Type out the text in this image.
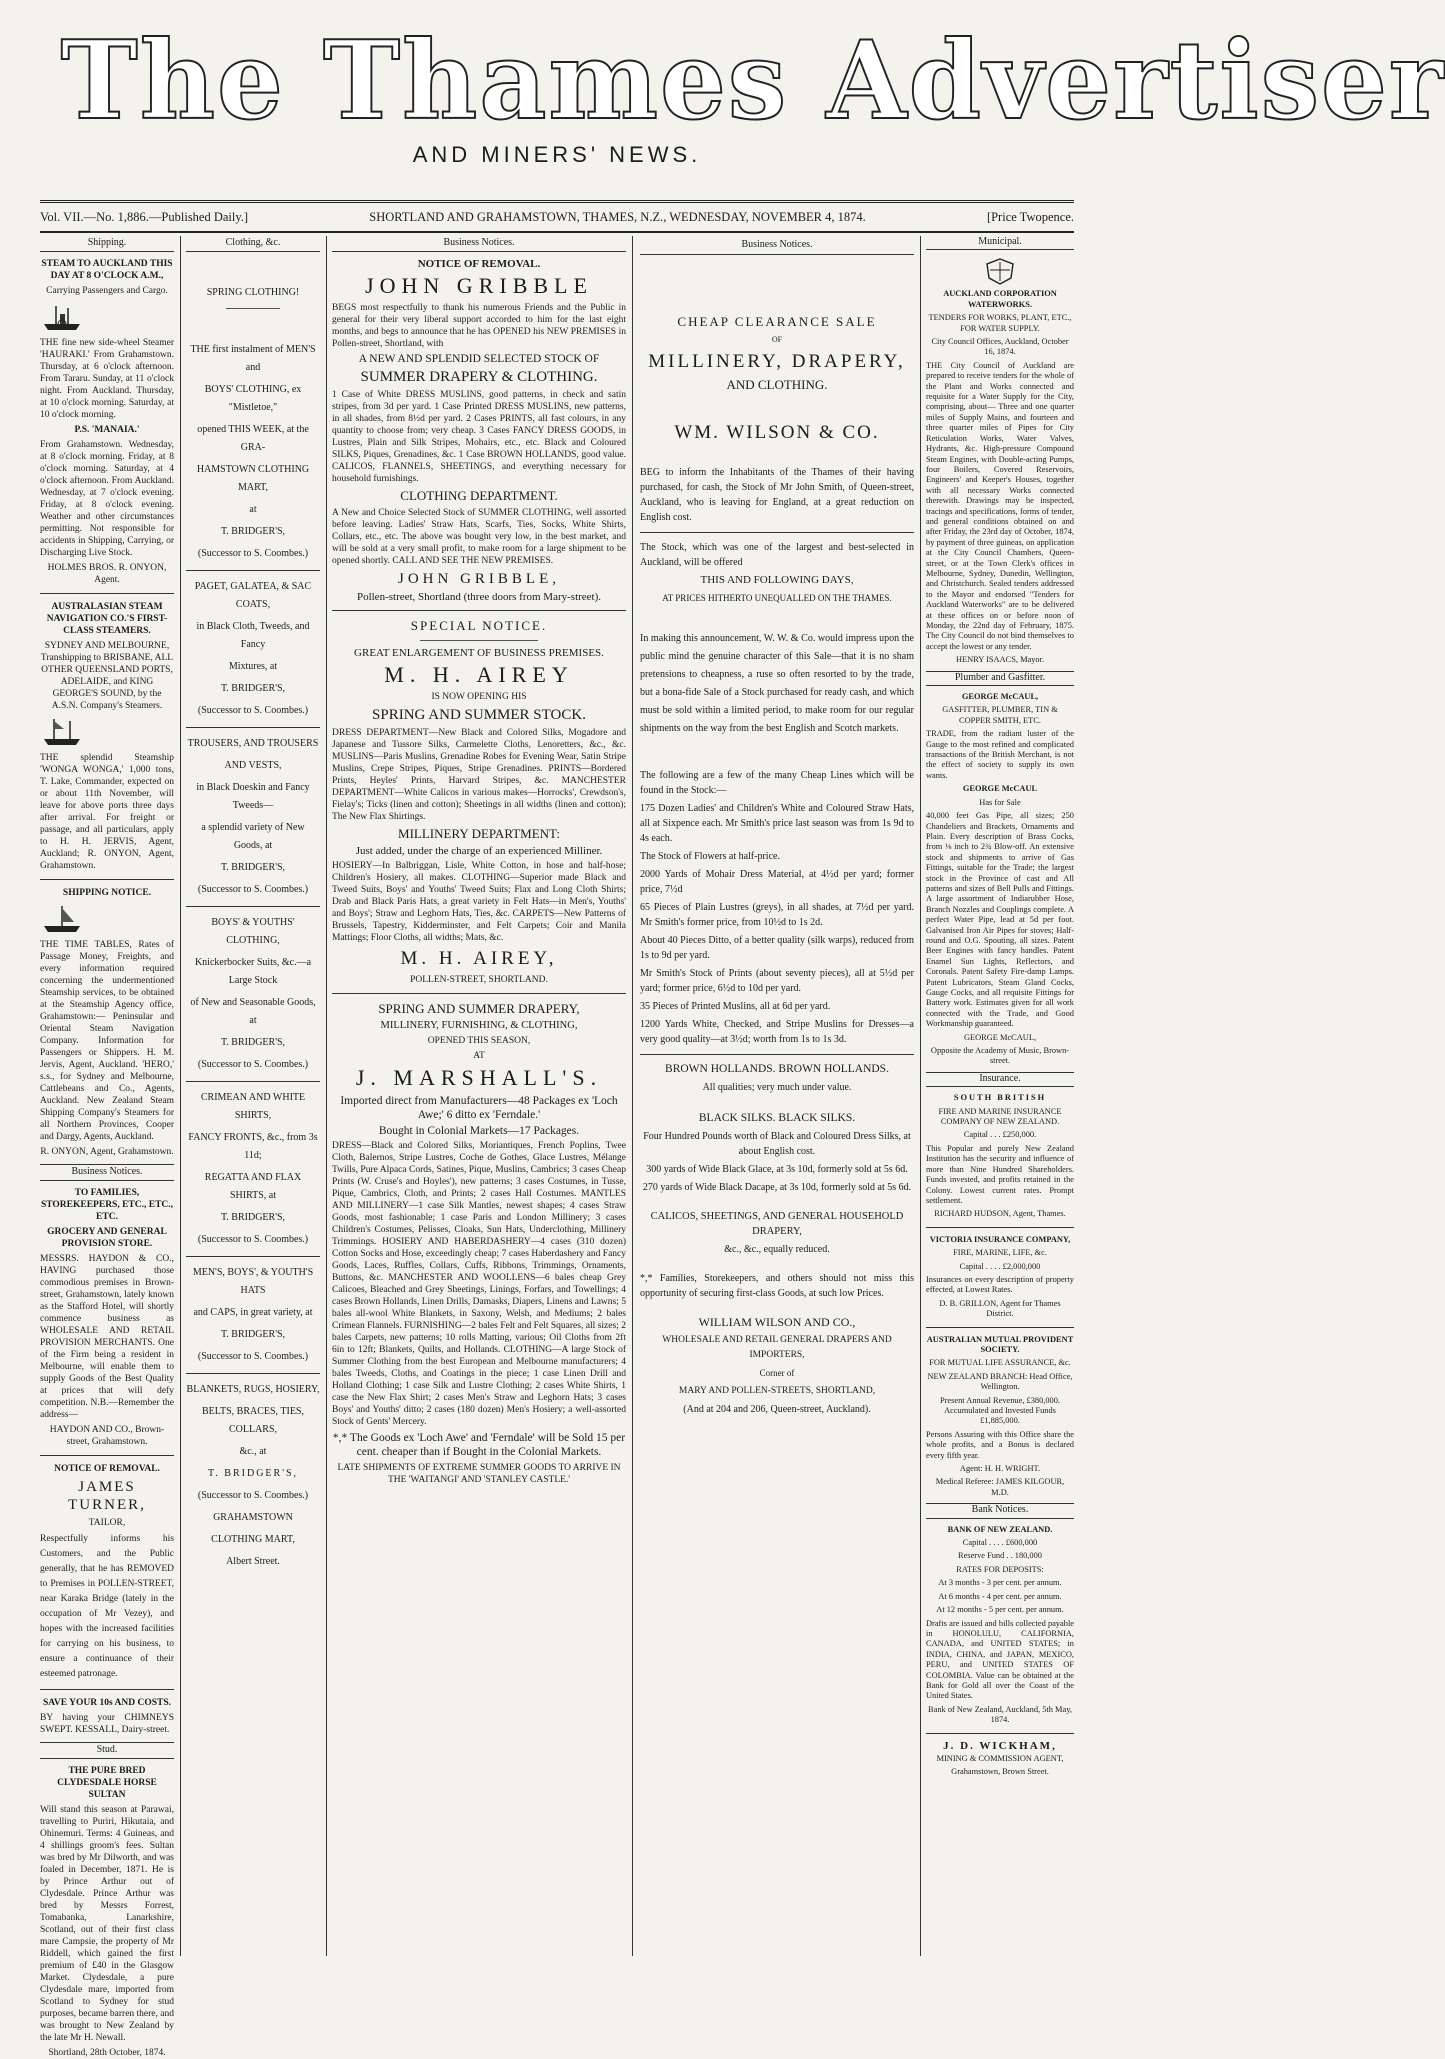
The Thames Advertiser
AND MINERS' NEWS.
Vol. VII.—No. 1,886.—Published Daily.]	SHORTLAND AND GRAHAMSTOWN, THAMES, N.Z., WEDNESDAY, NOVEMBER 4, 1874.	[Price Twopence.
Shipping.

STEAM TO AUCKLAND THIS DAY AT 8 O'CLOCK A.M.,

Carrying Passengers and Cargo.

THE fine new side-wheel Steamer 'HAURAKI.' From Grahamstown. Thursday, at 6 o'clock afternoon. From Tararu. Sunday, at 11 o'clock night. From Auckland. Thursday, at 10 o'clock morning. Saturday, at 10 o'clock morning.

P.S. 'MANAIA.'

From Grahamstown. Wednesday, at 8 o'clock morning. Friday, at 8 o'clock morning. Saturday, at 4 o'clock afternoon. From Auckland. Wednesday, at 7 o'clock evening. Friday, at 8 o'clock evening. Weather and other circumstances permitting. Not responsible for accidents in Shipping, Carrying, or Discharging Live Stock.

HOLMES BROS. R. ONYON, Agent.

AUSTRALASIAN STEAM NAVIGATION CO.'S FIRST-CLASS STEAMERS.

SYDNEY AND MELBOURNE, Transhipping to BRISBANE, ALL OTHER QUEENSLAND PORTS, ADELAIDE, and KING GEORGE'S SOUND, by the A.S.N. Company's Steamers.

THE splendid Steamship 'WONGA WONGA,' 1,000 tons, T. Lake, Commander, expected on or about 11th November, will leave for above ports three days after arrival. For freight or passage, and all particulars, apply to H. H. JERVIS, Agent, Auckland; R. ONYON, Agent, Grahamstown.

SHIPPING NOTICE.

THE TIME TABLES, Rates of Passage Money, Freights, and every information required concerning the undermentioned Steamship services, to be obtained at the Steamship Agency office, Grahamstown:— Peninsular and Oriental Steam Navigation Company. Information for Passengers or Shippers. H. M. Jervis, Agent, Auckland. 'HERO,' s.s., for Sydney and Melbourne, Cattlebeans and Co., Agents, Auckland. New Zealand Steam Shipping Company's Steamers for all Northern Provinces, Cooper and Dargy, Agents, Auckland.

R. ONYON, Agent, Grahamstown.

Business Notices.

TO FAMILIES, STOREKEEPERS, ETC., ETC., ETC.

GROCERY AND GENERAL PROVISION STORE.

MESSRS. HAYDON & CO., HAVING purchased those commodious premises in Brown-street, Grahamstown, lately known as the Stafford Hotel, will shortly commence business as WHOLESALE AND RETAIL PROVISION MERCHANTS. One of the Firm being a resident in Melbourne, will enable them to supply Goods of the Best Quality at prices that will defy competition. N.B.—Remember the address—

HAYDON AND CO., Brown-street, Grahamstown.

NOTICE OF REMOVAL.

JAMES TURNER,

TAILOR,

Respectfully informs his Customers, and the Public generally, that he has REMOVED to Premises in POLLEN-STREET, near Karaka Bridge (lately in the occupation of Mr Vezey), and hopes with the increased facilities for carrying on his business, to ensure a continuance of their esteemed patronage.

SAVE YOUR 10s AND COSTS.

BY having your CHIMNEYS SWEPT. KESSALL, Dairy-street.

Stud.

THE PURE BRED CLYDESDALE HORSE SULTAN

Will stand this season at Parawai, travelling to Puriri, Hikutaia, and Ohinemuri. Terms: 4 Guineas, and 4 shillings groom's fees. Sultan was bred by Mr Dilworth, and was foaled in December, 1871. He is by Prince Arthur out of Clydesdale. Prince Arthur was bred by Messrs Forrest, Tomabanka, Lanarkshire, Scotland, out of their first class mare Campsie, the property of Mr Riddell, which gained the first premium of £40 in the Glasgow Market. Clydesdale, a pure Clydesdale mare, imported from Scotland to Sydney for stud purposes, became barren there, and was brought to New Zealand by the late Mr H. Newall.

Shortland, 28th October, 1874.

Clothing, &c.

SPRING CLOTHING!

THE first instalment of MEN'S and

BOYS' CLOTHING, ex "Mistletoe,"

opened THIS WEEK, at the GRA-

HAMSTOWN CLOTHING MART,

at

T. BRIDGER'S,

(Successor to S. Coombes.)

PAGET, GALATEA, & SAC COATS,

in Black Cloth, Tweeds, and Fancy

Mixtures, at

T. BRIDGER'S,

(Successor to S. Coombes.)

TROUSERS, AND TROUSERS

AND VESTS,

in Black Doeskin and Fancy Tweeds—

a splendid variety of New Goods, at

T. BRIDGER'S,

(Successor to S. Coombes.)

BOYS' & YOUTHS' CLOTHING,

Knickerbocker Suits, &c.—a Large Stock

of New and Seasonable Goods, at

T. BRIDGER'S,

(Successor to S. Coombes.)

CRIMEAN AND WHITE SHIRTS,

FANCY FRONTS, &c., from 3s 11d;

REGATTA AND FLAX SHIRTS, at

T. BRIDGER'S,

(Successor to S. Coombes.)

MEN'S, BOYS', & YOUTH'S HATS

and CAPS, in great variety, at

T. BRIDGER'S,

(Successor to S. Coombes.)

BLANKETS, RUGS, HOSIERY,

BELTS, BRACES, TIES, COLLARS,

&c., at

T. BRIDGER'S,

(Successor to S. Coombes.)

GRAHAMSTOWN

CLOTHING MART,

Albert Street.

Business Notices.

NOTICE OF REMOVAL.

JOHN GRIBBLE

BEGS most respectfully to thank his numerous Friends and the Public in general for their very liberal support accorded to him for the last eight months, and begs to announce that he has OPENED his NEW PREMISES in Pollen-street, Shortland, with

A NEW AND SPLENDID SELECTED STOCK OF

SUMMER DRAPERY & CLOTHING.

1 Case of White DRESS MUSLINS, good patterns, in check and satin stripes, from 3d per yard. 1 Case Printed DRESS MUSLINS, new patterns, in all shades, from 8½d per yard. 2 Cases PRINTS, all fast colours, in any quantity to choose from; very cheap. 3 Cases FANCY DRESS GOODS, in Lustres, Plain and Silk Stripes, Mohairs, etc., etc. Black and Coloured SILKS, Piques, Grenadines, &c. 1 Case BROWN HOLLANDS, good value. CALICOS, FLANNELS, SHEETINGS, and everything necessary for household furnishings.

CLOTHING DEPARTMENT.

A New and Choice Selected Stock of SUMMER CLOTHING, well assorted before leaving. Ladies' Straw Hats, Scarfs, Ties, Socks, White Shirts, Collars, etc., etc. The above was bought very low, in the best market, and will be sold at a very small profit, to make room for a large shipment to be opened shortly. CALL AND SEE THE NEW PREMISES.

JOHN GRIBBLE,

Pollen-street, Shortland (three doors from Mary-street).

SPECIAL NOTICE.

GREAT ENLARGEMENT OF BUSINESS PREMISES.

M. H. AIREY

IS NOW OPENING HIS

SPRING AND SUMMER STOCK.

DRESS DEPARTMENT—New Black and Colored Silks, Mogadore and Japanese and Tussore Silks, Carmelette Cloths, Lenoretters, &c., &c. MUSLINS—Paris Muslins, Grenadine Robes for Evening Wear, Satin Stripe Muslins, Crepe Stripes, Piques, Stripe Grenadines. PRINTS—Bordered Prints, Heyles' Prints, Harvard Stripes, &c. MANCHESTER DEPARTMENT—White Calicos in various makes—Horrocks', Crewdson's, Fielay's; Ticks (linen and cotton); Sheetings in all widths (linen and cotton); The New Flax Shirtings.

MILLINERY DEPARTMENT:

Just added, under the charge of an experienced Milliner.

HOSIERY—In Balbriggan, Lisle, White Cotton, in hose and half-hose; Children's Hosiery, all makes. CLOTHING—Superior made Black and Tweed Suits, Boys' and Youths' Tweed Suits; Flax and Long Cloth Shirts; Drab and Black Paris Hats, a great variety in Felt Hats—in Men's, Youths' and Boys'; Straw and Leghorn Hats, Ties, &c. CARPETS—New Patterns of Brussels, Tapestry, Kidderminster, and Felt Carpets; Coir and Manila Mattings; Floor Cloths, all widths; Mats, &c.

M. H. AIREY,

POLLEN-STREET, SHORTLAND.

SPRING AND SUMMER DRAPERY,

MILLINERY, FURNISHING, & CLOTHING,

OPENED THIS SEASON,

AT

J. MARSHALL'S.

Imported direct from Manufacturers—48 Packages ex 'Loch Awe;' 6 ditto ex 'Ferndale.'

Bought in Colonial Markets—17 Packages.

DRESS—Black and Colored Silks, Moriantiques, French Poplins, Twee Cloth, Balernos, Stripe Lustres, Coche de Gothes, Glace Lustres, Mélange Twills, Pure Alpaca Cords, Satines, Pique, Muslins, Cambrics; 3 cases Cheap Prints (W. Cruse's and Hoyles'), new patterns; 3 cases Costumes, in Tusse, Pique, Cambrics, Cloth, and Prints; 2 cases Hall Costumes. MANTLES AND MILLINERY—1 case Silk Mantles, newest shapes; 4 cases Straw Goods, most fashionable; 1 case Paris and London Millinery; 3 cases Children's Costumes, Pelisses, Cloaks, Sun Hats, Underclothing, Millinery Trimmings. HOSIERY AND HABERDASHERY—4 cases (310 dozen) Cotton Socks and Hose, exceedingly cheap; 7 cases Haberdashery and Fancy Goods, Laces, Ruffles, Collars, Cuffs, Ribbons, Trimmings, Ornaments, Buttons, &c. MANCHESTER AND WOOLLENS—6 bales cheap Grey Calicoes, Bleached and Grey Sheetings, Linings, Forfars, and Towellings; 4 cases Brown Hollands, Linen Drills, Damasks, Diapers, Linens and Lawns; 5 bales all-wool White Blankets, in Saxony, Welsh, and Mediums; 2 bales Crimean Flannels. FURNISHING—2 bales Felt and Felt Squares, all sizes; 2 bales Carpets, new patterns; 10 rolls Matting, various; Oil Cloths from 2ft 6in to 12ft; Blankets, Quilts, and Hollands. CLOTHING—A large Stock of Summer Clothing from the best European and Melbourne manufacturers; 4 bales Tweeds, Cloths, and Coatings in the piece; 1 case Linen Drill and Holland Clothing; 1 case Silk and Lustre Clothing; 2 cases White Shirts, 1 case the New Flax Shirt; 2 cases Men's Straw and Leghorn Hats; 3 cases Boys' and Youths' ditto; 2 cases (180 dozen) Men's Hosiery; a well-assorted Stock of Gents' Mercery.

*,* The Goods ex 'Loch Awe' and 'Ferndale' will be Sold 15 per cent. cheaper than if Bought in the Colonial Markets.

LATE SHIPMENTS OF EXTREME SUMMER GOODS TO ARRIVE IN THE 'WAITANGI' AND 'STANLEY CASTLE.'

Business Notices.

CHEAP CLEARANCE SALE

OF

MILLINERY, DRAPERY,

AND CLOTHING.

WM. WILSON & CO.

BEG to inform the Inhabitants of the Thames of their having purchased, for cash, the Stock of Mr John Smith, of Queen-street, Auckland, who is leaving for England, at a great reduction on English cost.

The Stock, which was one of the largest and best-selected in Auckland, will be offered

THIS AND FOLLOWING DAYS,

AT PRICES HITHERTO UNEQUALLED ON THE THAMES.

In making this announcement, W. W. & Co. would impress upon the public mind the genuine character of this Sale—that it is no sham pretensions to cheapness, a ruse so often resorted to by the trade, but a bona-fide Sale of a Stock purchased for ready cash, and which must be sold within a limited period, to make room for our regular shipments on the way from the best English and Scotch markets.

The following are a few of the many Cheap Lines which will be found in the Stock:—

175 Dozen Ladies' and Children's White and Coloured Straw Hats, all at Sixpence each. Mr Smith's price last season was from 1s 9d to 4s each.

The Stock of Flowers at half-price.

2000 Yards of Mohair Dress Material, at 4½d per yard; former price, 7½d

65 Pieces of Plain Lustres (greys), in all shades, at 7½d per yard. Mr Smith's former price, from 10½d to 1s 2d.

About 40 Pieces Ditto, of a better quality (silk warps), reduced from 1s to 9d per yard.

Mr Smith's Stock of Prints (about seventy pieces), all at 5½d per yard; former price, 6½d to 10d per yard.

35 Pieces of Printed Muslins, all at 6d per yard.

1200 Yards White, Checked, and Stripe Muslins for Dresses—a very good quality—at 3½d; worth from 1s to 1s 3d.

BROWN HOLLANDS. BROWN HOLLANDS.

All qualities; very much under value.

BLACK SILKS. BLACK SILKS.

Four Hundred Pounds worth of Black and Coloured Dress Silks, at about English cost.

300 yards of Wide Black Glace, at 3s 10d, formerly sold at 5s 6d.

270 yards of Wide Black Dacape, at 3s 10d, formerly sold at 5s 6d.

CALICOS, SHEETINGS, AND GENERAL HOUSEHOLD DRAPERY,

&c., &c., equally reduced.

*,* Families, Storekeepers, and others should not miss this opportunity of securing first-class Goods, at such low Prices.

WILLIAM WILSON AND CO.,

WHOLESALE AND RETAIL GENERAL DRAPERS AND IMPORTERS,

Corner of

MARY AND POLLEN-STREETS, SHORTLAND,

(And at 204 and 206, Queen-street, Auckland).

Municipal.

AUCKLAND CORPORATION WATERWORKS.

TENDERS FOR WORKS, PLANT, ETC., FOR WATER SUPPLY.

City Council Offices, Auckland, October 16, 1874.

THE City Council of Auckland are prepared to receive tenders for the whole of the Plant and Works connected and requisite for a Water Supply for the City, comprising, about— Three and one quarter miles of Supply Mains, and fourteen and three quarter miles of Pipes for City Reticulation Works, Water Valves, Hydrants, &c. High-pressure Compound Steam Engines, with Double-acting Pumps, four Boilers, Covered Reservoirs, Engineers' and Keeper's Houses, together with all necessary Works connected therewith. Drawings may be inspected, tracings and specifications, forms of tender, and general conditions obtained on and after Friday, the 23rd day of October, 1874, by payment of three guineas, on application at the City Council Chambers, Queen-street, or at the Town Clerk's offices in Melbourne, Sydney, Dunedin, Wellington, and Christchurch. Sealed tenders addressed to the Mayor and endorsed "Tenders for Auckland Waterworks" are to be delivered at these offices on or before noon of Monday, the 22nd day of February, 1875. The City Council do not bind themselves to accept the lowest or any tender.

HENRY ISAACS, Mayor.

Plumber and Gasfitter.

GEORGE McCAUL,

GASFITTER, PLUMBER, TIN & COPPER SMITH, ETC.

TRADE, from the radiant luster of the Gauge to the most refined and complicated transactions of the British Merchant, is not the effect of society to supply its own wants.

GEORGE McCAUL

Has for Sale

40,000 feet Gas Pipe, all sizes; 250 Chandeliers and Brackets, Ornaments and Plain. Every description of Brass Cocks, from ⅛ inch to 2¾ Blow-off. An extensive stock and shipments to arrive of Gas Fittings, suitable for the Trade; the largest stock in the Province of cast and All patterns and sizes of Bell Pulls and Fittings. A large assortment of Indiarubber Hose, Branch Nozzles and Couplings complete. A perfect Water Pipe, lead at 5d per foot. Galvanised Iron Air Pipes for stoves; Half-round and O.G. Spouting, all sizes. Patent Beer Engines with fancy handles. Patent Enamel Sun Lights, Reflectors, and Coronals. Patent Safety Fire-damp Lamps. Patent Lubricators, Steam Gland Cocks, Gauge Cocks, and all requisite Fittings for Battery work. Estimates given for all work connected with the Trade, and Good Workmanship guaranteed.

GEORGE McCAUL,

Opposite the Academy of Music, Brown-street.

Insurance.

SOUTH BRITISH

FIRE AND MARINE INSURANCE COMPANY OF NEW ZEALAND.

Capital . . . £250,000.

This Popular and purely New Zealand Institution has the security and influence of more than Nine Hundred Shareholders. Funds invested, and profits retained in the Colony. Lowest current rates. Prompt settlement.

RICHARD HUDSON, Agent, Thames.

VICTORIA INSURANCE COMPANY,

FIRE, MARINE, LIFE, &c.

Capital . . . . £2,000,000

Insurances on every description of property effected, at Lowest Rates.

D. B. GRILLON, Agent for Thames District.

AUSTRALIAN MUTUAL PROVIDENT SOCIETY.

FOR MUTUAL LIFE ASSURANCE, &c.

NEW ZEALAND BRANCH: Head Office, Wellington.

Present Annual Revenue, £380,000. Accumulated and Invested Funds £1,885,000.

Persons Assuring with this Office share the whole profits, and a Bonus is declared every fifth year.

Agent: H. H. WRIGHT.

Medical Referee: JAMES KILGOUR, M.D.

Bank Notices.

BANK OF NEW ZEALAND.

Capital . . . . £600,000

Reserve Fund . . 180,000

RATES FOR DEPOSITS:

At 3 months - 3 per cent. per annum.

At 6 months - 4 per cent. per annum.

At 12 months - 5 per cent. per annum.

Drafts are issued and bills collected payable in HONOLULU, CALIFORNIA, CANADA, and UNITED STATES; in INDIA, CHINA, and JAPAN, MEXICO, PERU, and UNITED STATES OF COLOMBIA. Value can be obtained at the Bank for Gold all over the Coast of the United States.

Bank of New Zealand, Auckland, 5th May, 1874.

J. D. WICKHAM,

MINING & COMMISSION AGENT,

Grahamstown, Brown Street.
